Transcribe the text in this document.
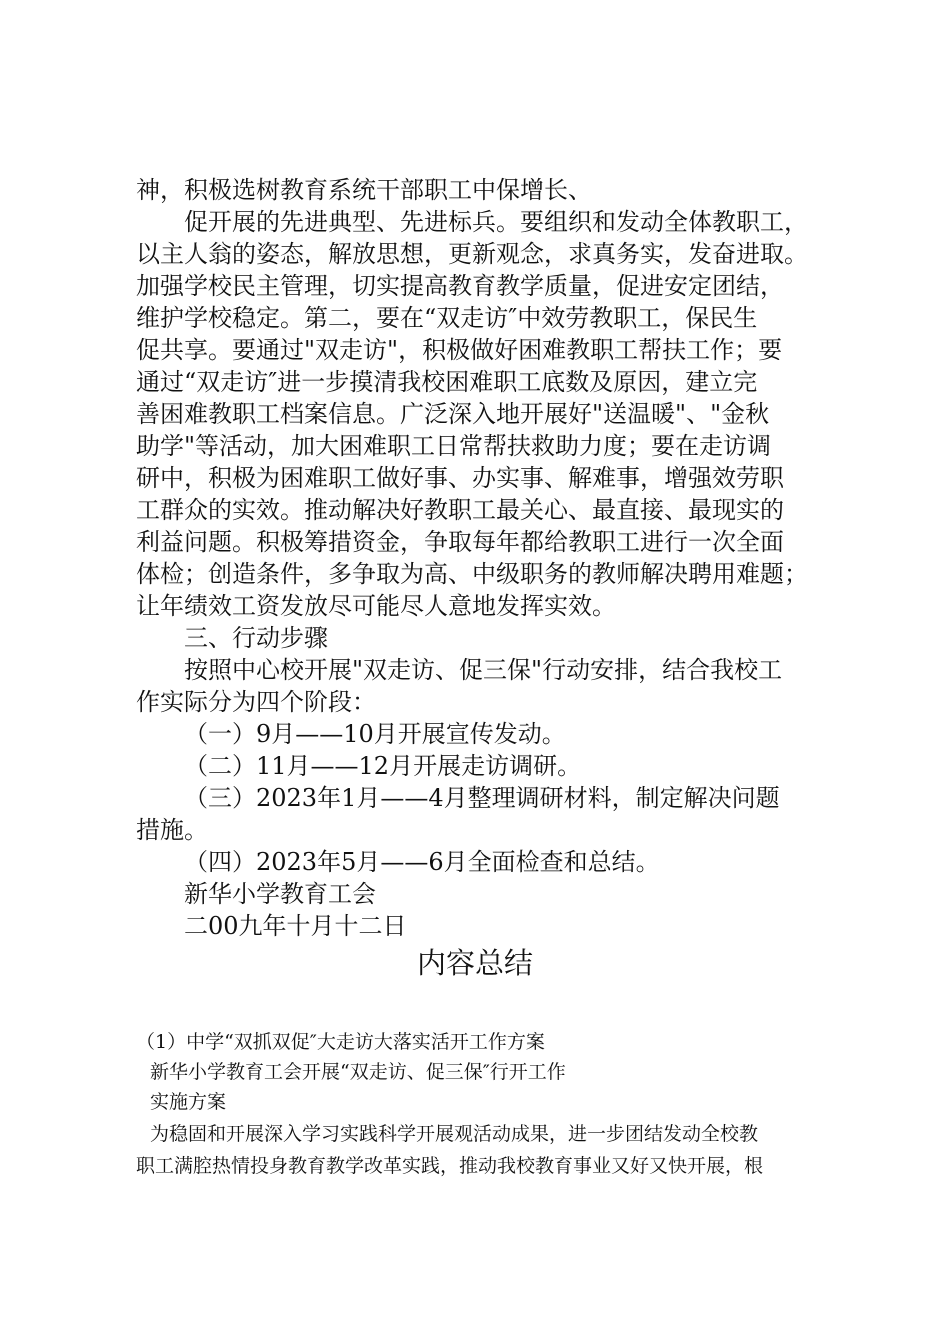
神，积极选树教育系统干部职工中保增长、
促开展的先进典型、先进标兵。要组织和发动全体教职工，
以主人翁的姿态，解放思想，更新观念，求真务实，发奋进取。
加强学校民主管理，切实提高教育教学质量，促进安定团结，
维护学校稳定。第二，要在“双走访″中效劳教职工，保民生
促共享。要通过"双走访"，积极做好困难教职工帮扶工作；要
通过“双走访″进一步摸清我校困难职工底数及原因，建立完
善困难教职工档案信息。广泛深入地开展好"送温暖"、"金秋
助学"等活动，加大困难职工日常帮扶救助力度；要在走访调
研中，积极为困难职工做好事、办实事、解难事，增强效劳职
工群众的实效。推动解决好教职工最关心、最直接、最现实的
利益问题。积极筹措资金，争取每年都给教职工进行一次全面
体检；创造条件，多争取为高、中级职务的教师解决聘用难题；
让年绩效工资发放尽可能尽人意地发挥实效。
三、行动步骤
按照中心校开展"双走访、促三保"行动安排，结合我校工
作实际分为四个阶段：
（一）9月——10月开展宣传发动。
（二）11月——12月开展走访调研。
（三）2023年1月——4月整理调研材料，制定解决问题
措施。
（四）2023年5月——6月全面检查和总结。
新华小学教育工会
二00九年十月十二日
内容总结
（1）中学“双抓双促″大走访大落实活开工作方案
新华小学教育工会开展“双走访、促三保″行开工作
实施方案
为稳固和开展深入学习实践科学开展观活动成果，进一步团结发动全校教
职工满腔热情投身教育教学改革实践，推动我校教育事业又好又快开展，根
